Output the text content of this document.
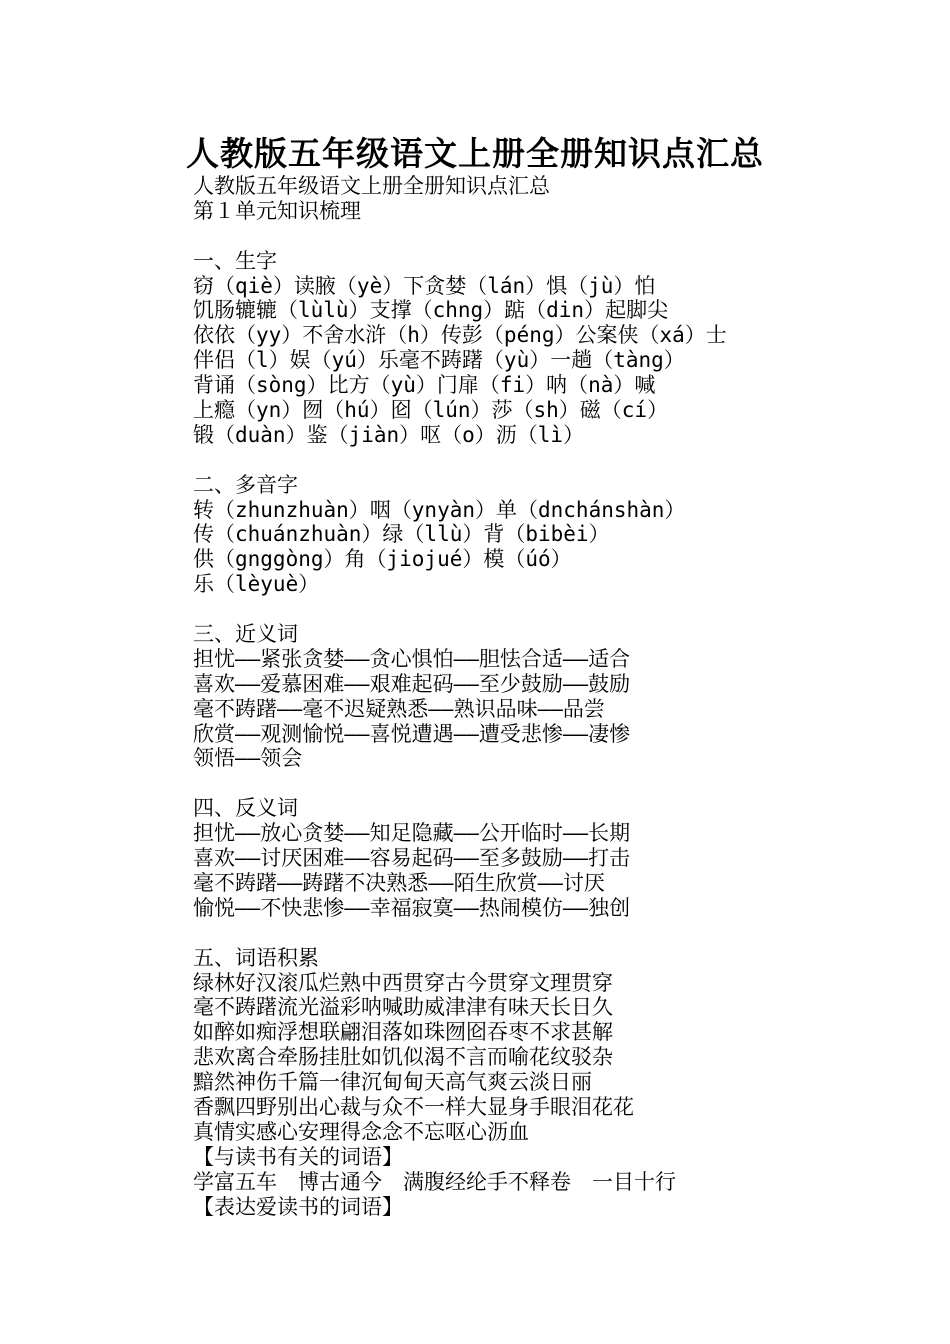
人教版五年级语文上册全册知识点汇总
人教版五年级语文上册全册知识点汇总
第１单元知识梳理
一、生字
窃（qiè）读腋（yè）下贪婪（lán）惧（jù）怕
饥肠辘辘（lùlù）支撑（chng）踮（din）起脚尖
依依（yy）不舍水浒（h）传彭（péng）公案侠（xá）士
伴侣（l）娱（yú）乐毫不踌躇（yù）一趟（tàng）
背诵（sòng）比方（yù）门扉（fi）呐（nà）喊
上瘾（yn）囫（hú）囵（lún）莎（sh）磁（cí）
锻（duàn）鉴（jiàn）呕（o）沥（lì）
二、多音字
转（zhunzhuàn）咽（ynyàn）单（dnchánshàn）
传（chuánzhuàn）绿（llù）背（bibèi）
供（gnggòng）角（jiojué）模（úó）
乐（lèyuè）
三、近义词
担忧——紧张贪婪——贪心惧怕——胆怯合适——适合
喜欢——爱慕困难——艰难起码——至少鼓励——鼓励
毫不踌躇——毫不迟疑熟悉——熟识品味——品尝
欣赏——观测愉悦——喜悦遭遇——遭受悲惨——凄惨
领悟——领会
四、反义词
担忧——放心贪婪——知足隐藏——公开临时——长期
喜欢——讨厌困难——容易起码——至多鼓励——打击
毫不踌躇——踌躇不决熟悉——陌生欣赏——讨厌
愉悦——不快悲惨——幸福寂寞——热闹模仿——独创
五、词语积累
绿林好汉滚瓜烂熟中西贯穿古今贯穿文理贯穿
毫不踌躇流光溢彩呐喊助威津津有味天长日久
如醉如痴浮想联翩泪落如珠囫囵吞枣不求甚解
悲欢离合牵肠挂肚如饥似渴不言而喻花纹驳杂
黯然神伤千篇一律沉甸甸天高气爽云淡日丽
香飘四野别出心裁与众不一样大显身手眼泪花花
真情实感心安理得念念不忘呕心沥血
【与读书有关的词语】
学富五车　博古通今　满腹经纶手不释卷　一目十行
【表达爱读书的词语】
